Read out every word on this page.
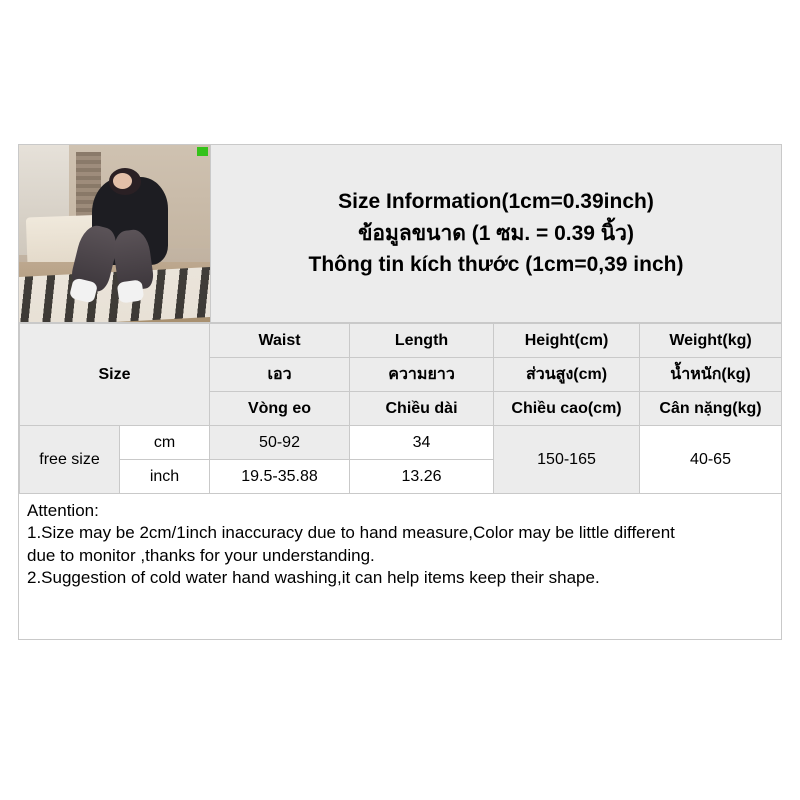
Size Information(1cm=0.39inch)
ข้อมูลขนาด (1 ซม. = 0.39 นิ้ว)
Thông tin kích thước (1cm=0,39 inch)
Size		Waist	Length	Height(cm)	Weight(kg)
		เอว	ความยาว	ส่วนสูง(cm)	น้ำหนัก(kg)
		Vòng eo	Chiều dài	Chiều cao(cm)	Cân nặng(kg)
free size	cm	50-92	34	150-165	40-65
	inch	19.5-35.88	13.26		
Attention:
1.Size may be 2cm/1inch inaccuracy due to hand measure,Color may be little different
due to monitor ,thanks for your understanding.
2.Suggestion of cold water hand washing,it can help items keep their shape.
